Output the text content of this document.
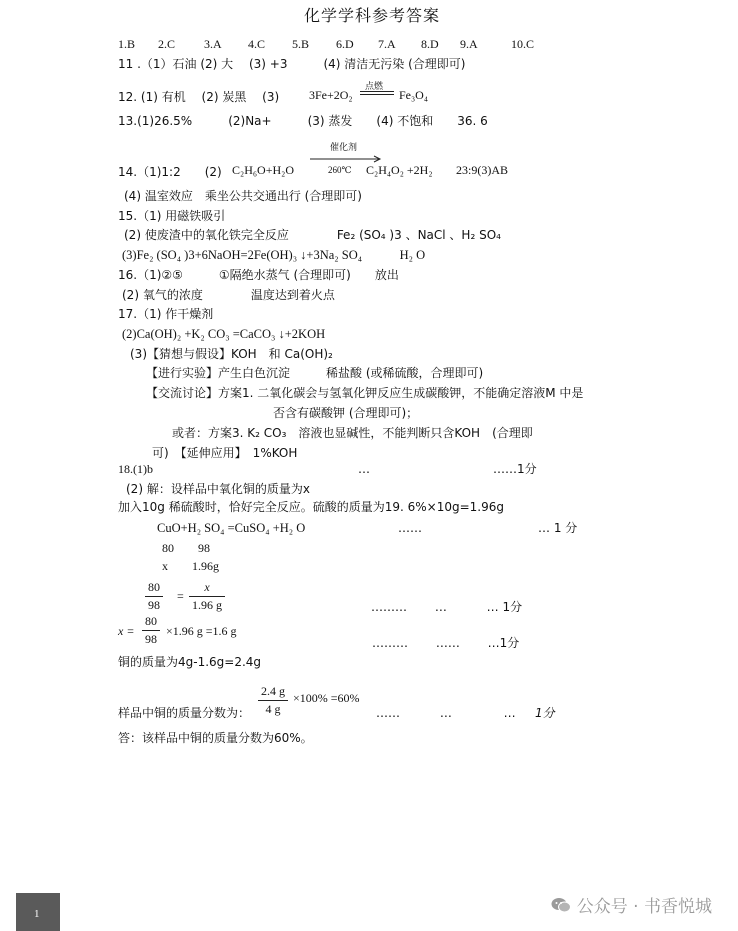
化学学科参考答案
1.B 2.C 3.A 4.C 5.B 6.D 7.A 8.D 9.A	10.C
11 .（1）石油 (2) 大　 (3) +3　　　(4) 清洁无污染 (合理即可)
12. (1) 有机　 (2) 炭黑　 (3) 3Fe+2O₂
点燃
Fe₃O₄
13.(1)26.5%　　　(2)Na+　　　(3) 蒸发　　(4) 不饱和　　36. 6
14.（1)1:2　　(2) C₂H₆O+H₂O
催化剂
260℃ C₂H₄O₂ +2H₂ 23:9(3)AB
(4) 温室效应　乘坐公共交通出行 (合理即可)
15.（1) 用磁铁吸引
(2) 使废渣中的氧化铁完全反应　　　　Fe₂ (SO₄ )3 、NaCl 、H₂ SO₄
(3)Fe₂ (SO₄ )3+6NaOH=2Fe(OH)₃ ↓+3Na₂ SO₄　　　H₂ O
16.（1)②⑤　　　①隔绝水蒸气 (合理即可)　　放出
(2) 氧气的浓度　　　　温度达到着火点
17.（1) 作干燥剂
(2)Ca(OH)₂ +K₂ CO₃ =CaCO₃ ↓+2KOH
(3)【猜想与假设】KOH　和 Ca(OH)₂
【进行实验】产生白色沉淀　　　稀盐酸 (或稀硫酸，合理即可)
【交流讨论】方案1. 二氧化碳会与氢氧化钾反应生成碳酸钾，不能确定溶液M 中是
否含有碳酸钾 (合理即可)；
或者：方案3. K₂ CO₃　溶液也显碱性，不能判断只含KOH　(合理即
可)　【延伸应用】　1%KOH
18.(1)b	…	……1分
(2) 解：设样品中氧化铜的质量为x
加入10g 稀硫酸时，恰好完全反应。硫酸的质量为19. 6%×10g=1.96g
CuO+H₂ SO₄ =CuSO₄ +H₂ O	……	… 1 分
80　　98
x　　1.96g
$\frac{80}{98} = \frac{x}{1.96 g}$	………　　 …　　　 … 1分
$x = \frac{80}{98} \times 1.96$ g =1.6 g
………　　 ……　　 …1分
铜的质量为4g-1.6g=2.4g
样品中铜的质量分数为： $\frac{2.4 g}{4 g} \times 100\% =60\%$
……　　　 …　　　　 … 1分
答：该样品中铜的质量分数为60%。
1	公众号 · 书香悦城
